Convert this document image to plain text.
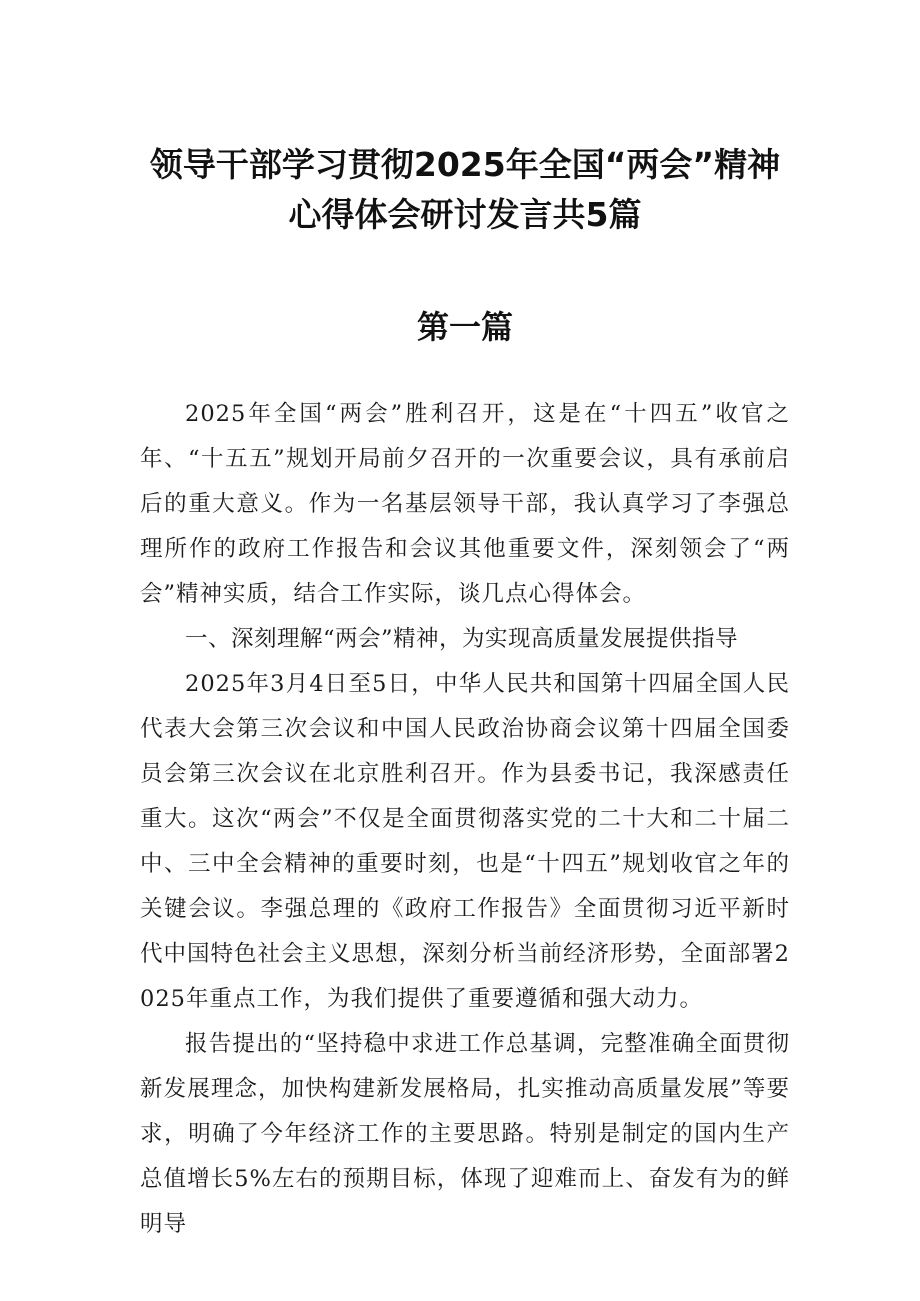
领导干部学习贯彻2025年全国“两会”精神心得体会研讨发言共5篇
第一篇

2025年全国“两会”胜利召开，这是在“十四五”收官之年、“十五五”规划开局前夕召开的一次重要会议，具有承前启后的重大意义。作为一名基层领导干部，我认真学习了李强总理所作的政府工作报告和会议其他重要文件，深刻领会了“两会”精神实质，结合工作实际，谈几点心得体会。

一、深刻理解“两会”精神，为实现高质量发展提供指导

2025年3月4日至5日，中华人民共和国第十四届全国人民代表大会第三次会议和中国人民政治协商会议第十四届全国委员会第三次会议在北京胜利召开。作为县委书记，我深感责任重大。这次“两会”不仅是全面贯彻落实党的二十大和二十届二中、三中全会精神的重要时刻，也是“十四五”规划收官之年的关键会议。李强总理的《政府工作报告》全面贯彻习近平新时代中国特色社会主义思想，深刻分析当前经济形势，全面部署2025年重点工作，为我们提供了重要遵循和强大动力。

报告提出的“坚持稳中求进工作总基调，完整准确全面贯彻新发展理念，加快构建新发展格局，扎实推动高质量发展”等要求，明确了今年经济工作的主要思路。特别是制定的国内生产总值增长5%左右的预期目标，体现了迎难而上、奋发有为的鲜明导
